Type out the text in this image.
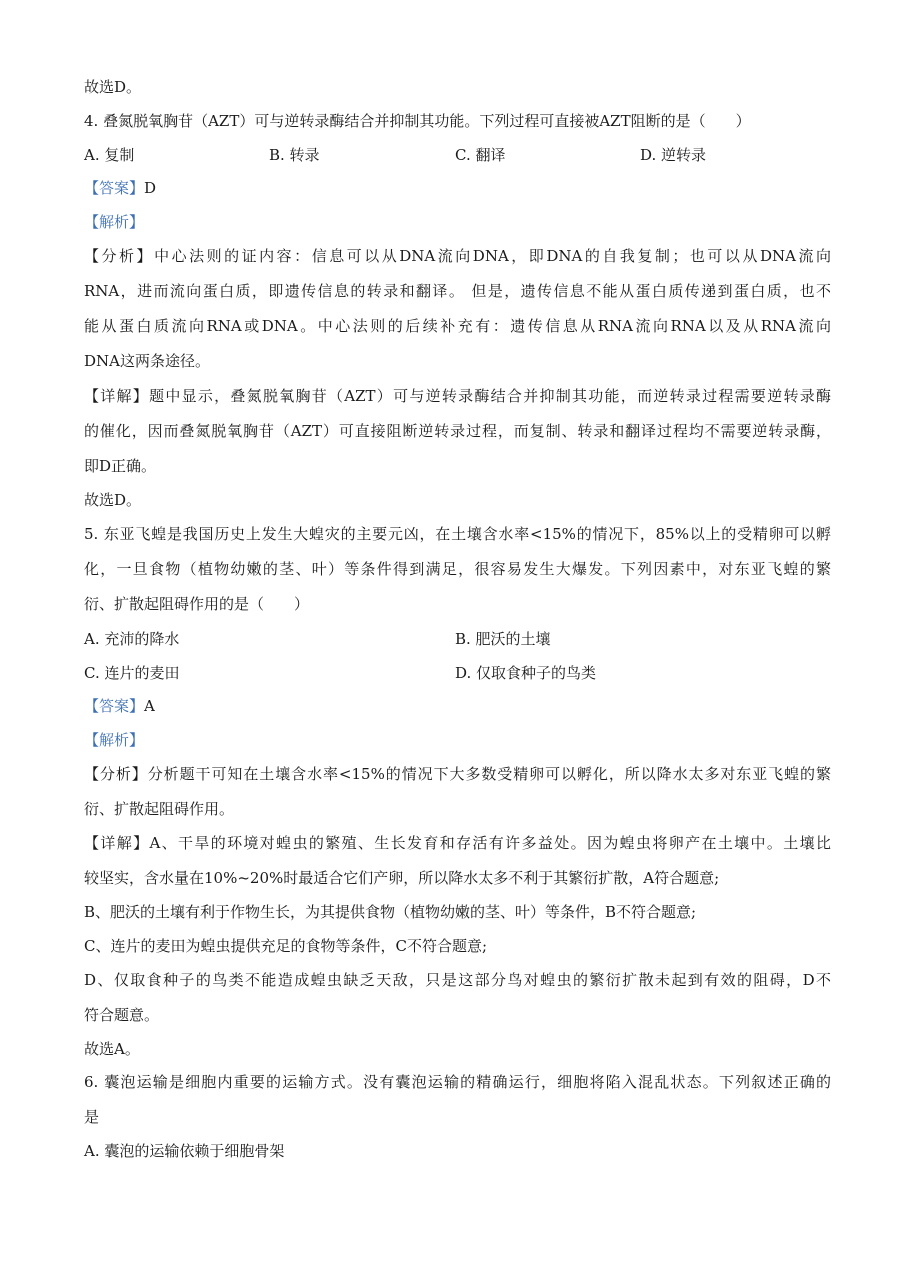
故选D。
4. 叠氮脱氧胸苷（AZT）可与逆转录酶结合并抑制其功能。下列过程可直接被AZT阻断的是（　　）
A. 复制	B. 转录	C. 翻译	D. 逆转录
【答案】D
【解析】
【分析】中心法则的证内容：信息可以从DNA流向DNA，即DNA的自我复制；也可以从DNA流向
RNA，进而流向蛋白质，即遗传信息的转录和翻译。 但是，遗传信息不能从蛋白质传递到蛋白质，也不
能从蛋白质流向RNA或DNA。中心法则的后续补充有：遗传信息从RNA流向RNA以及从RNA流向
DNA这两条途径。
【详解】题中显示，叠氮脱氧胸苷（AZT）可与逆转录酶结合并抑制其功能，而逆转录过程需要逆转录酶
的催化，因而叠氮脱氧胸苷（AZT）可直接阻断逆转录过程，而复制、转录和翻译过程均不需要逆转录酶，
即D正确。
故选D。
5. 东亚飞蝗是我国历史上发生大蝗灾的主要元凶，在土壤含水率<15%的情况下，85%以上的受精卵可以孵
化，一旦食物（植物幼嫩的茎、叶）等条件得到满足，很容易发生大爆发。下列因素中，对东亚飞蝗的繁
衍、扩散起阻碍作用的是（　　）
A. 充沛的降水	B. 肥沃的土壤
C. 连片的麦田	D. 仅取食种子的鸟类
【答案】A
【解析】
【分析】分析题干可知在土壤含水率<15%的情况下大多数受精卵可以孵化，所以降水太多对东亚飞蝗的繁
衍、扩散起阻碍作用。
【详解】A、干旱的环境对蝗虫的繁殖、生长发育和存活有许多益处。因为蝗虫将卵产在土壤中。土壤比
较坚实，含水量在10%~20%时最适合它们产卵，所以降水太多不利于其繁衍扩散，A符合题意;
B、肥沃的土壤有利于作物生长，为其提供食物（植物幼嫩的茎、叶）等条件，B不符合题意;
C、连片的麦田为蝗虫提供充足的食物等条件，C不符合题意;
D、仅取食种子的鸟类不能造成蝗虫缺乏天敌，只是这部分鸟对蝗虫的繁衍扩散未起到有效的阻碍，D不
符合题意。
故选A。
6. 囊泡运输是细胞内重要的运输方式。没有囊泡运输的精确运行，细胞将陷入混乱状态。下列叙述正确的
是
A. 囊泡的运输依赖于细胞骨架
